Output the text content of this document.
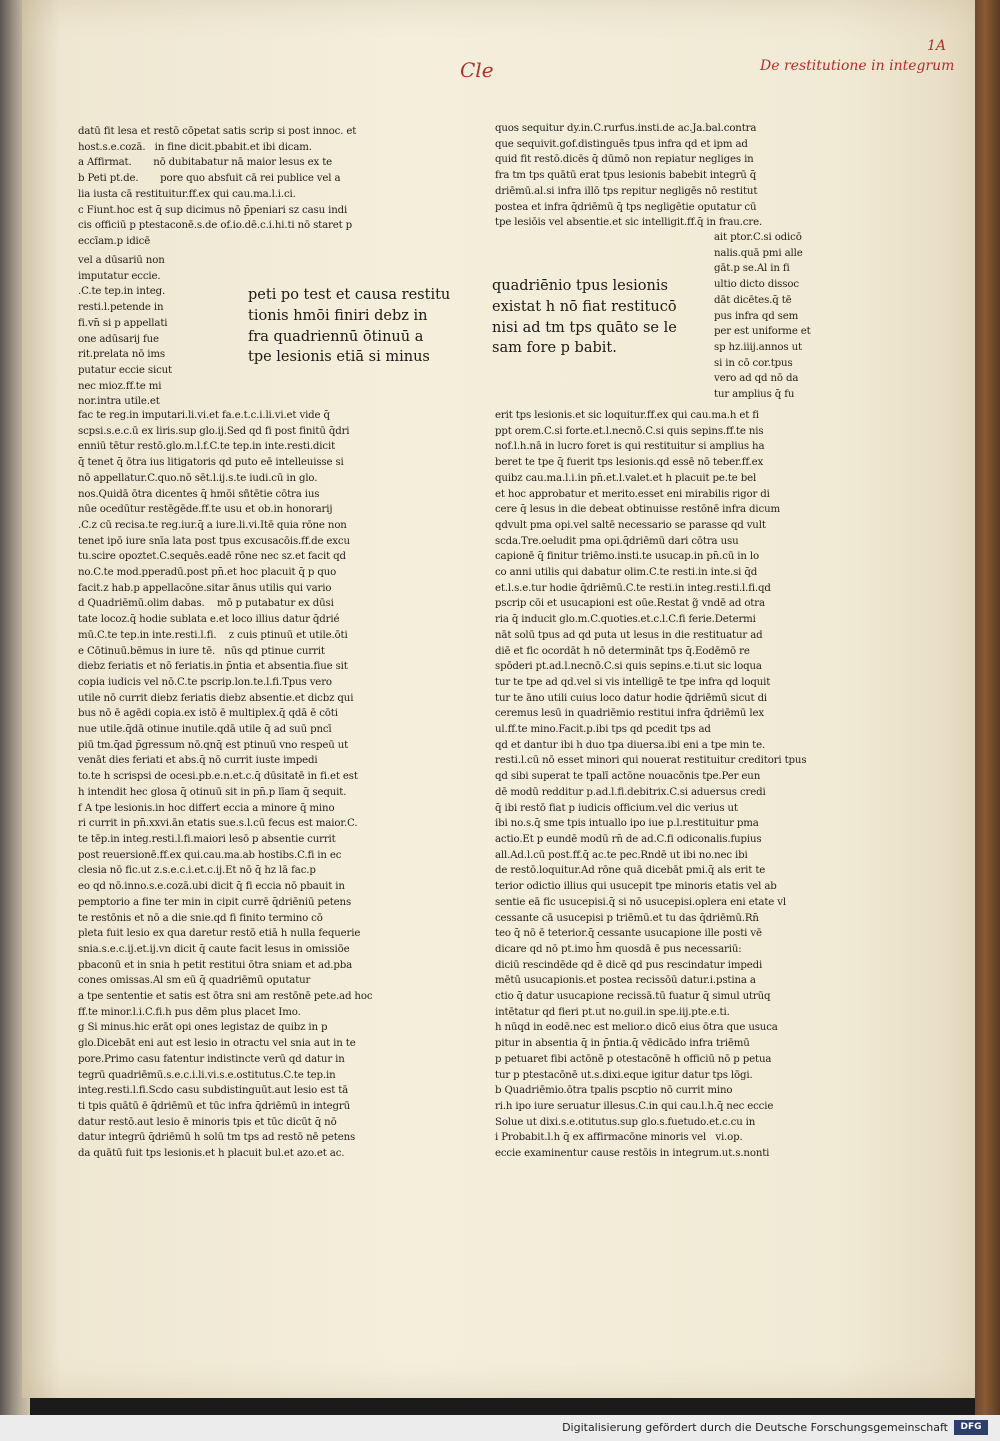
Cle
1A
De restitutione in integrum
datū fit lesa et restō cōpetat satis scrip si post innoc. et
host.s.e.cozā.   in fine dicit.pbabit.et ibi dicam.
a Affirmat.       nō dubitabatur nā maior lesus ex te
b Peti pt.de.       pore quo absfuit cā rei publice vel a
lia iusta cā restituitur.ff.ex qui cau.ma.l.i.ci.
c Fiunt.hoc est q̄ sup dicimus nō p̄peniari sz casu indi
cis officiū p ptestaconē.s.de of.io.dē.c.i.hi.ti nō staret p
eccīam.p idicē
vel a dūsariū non
imputatur eccie.
.C.te tep.in integ.
resti.l.petende in
fi.vn̄ si p appellati
one adūsarij fue
rit.prelata nō ims
putatur eccie sicut
nec mioz.ff.te mi
nor.intra utile.et
peti po test et causa restitu
tionis hmōi finiri debz in
fra quadriennū ōtinuū a
tpe lesionis etiā si minus
fac te reg.in imputari.li.vi.et fa.e.t.c.i.li.vi.et vide q̄
scpsi.s.e.c.ū ex liris.sup glo.ij.Sed qd fi post finitū q̄dri
enniū tētur restō.glo.m.l.f.C.te tep.in inte.resti.dicit
q̄ tenet q̄ ōtra ius litigatoris qd puto eē intelleuisse si
nō appellatur.C.quo.nō sēt.l.ij.s.te iudi.cū in glo.
nos.Quidā ōtra dicentes q̄ hmōi sñtētie cōtra ius
nūe ocedūtur restēgēde.ff.te usu et ob.in honorarij
.C.z cū recisa.te reg.iur.q̄ a iure.li.vi.Itē quia rōne non
tenet ipō iure snīa lata post tpus excusacōis.ff.de excu
tu.scire opoztet.C.sequēs.eadē rōne nec sz.et facit qd
no.C.te mod.pperadū.post pn̄.et hoc placuit q̄ p quo
facit.z hab.p appellacōne.sitar ānus utilis qui vario
d Quadriēmū.olim dabas.    mō p putabatur ex dūsi
tate locoz.q̄ hodie sublata e.et loco illius datur q̄drié
mū.C.te tep.in inte.resti.l.fi.    z cuis ptinuū et utile.ōti
e Cōtinuū.bēmus in iure tē.   nūs qd ptinue currit
diebz feriatis et nō feriatis.in p̄ntia et absentia.fiue sit
copia iudicis vel nō.C.te pscrip.lon.te.l.fi.Tpus vero
utile nō currit diebz feriatis diebz absentie.et dicbz qui
bus nō ē agēdi copia.ex istō ē multiplex.q̄ qdā ē cōti
nue utile.q̄dā otinue inutile.qdā utile q̄ ad suū pncī
piū tm.q̄ad p̄gressum nō.qnq̄ est ptinuū vno respeū ut
venāt dies feriati et abs.q̄ nō currit iuste impedi
to.te h scrispsi de ocesi.pb.e.n.et.c.q̄ dūsitatē in fi.et est
h intendit hec glosa q̄ otinuū sit in pn̄.p līam q̄ sequit.
f A tpe lesionis.in hoc differt eccia a minore q̄ mino
ri currit in pn̄.xxvi.ān etatis sue.s.l.cū fecus est maior.C.
te tēp.in integ.resti.l.fi.maiori lesō p absentie currit
post reuersionē.ff.ex qui.cau.ma.ab hostibs.C.fi in ec
clesia nō fic.ut z.s.e.c.i.et.c.ij.Et nō q̄ hz lā fac.p
eo qd nō.inno.s.e.cozā.ubi dicit q̄ fi eccia nō pbauit in
pemptorio a fine ter min in cipit currē q̄driēniū petens
te restōnis et nō a die snie.qd fi finito termino cō
pleta fuit lesio ex qua daretur restō etiā h nulla fequerie
snia.s.e.c.ij.et.ij.vn dicit q̄ caute facit lesus in omissiōe
pbaconū et in snia h petit restitui ōtra sniam et ad.pba
cones omissas.Al sm eū q̄ quadriēmū oputatur
a tpe sententie et satis est ōtra sni am restōnē pete.ad hoc
ff.te minor.l.i.C.fi.h pus dēm plus placet Imo.
g Si minus.hic erāt opi ones legistaz de quibz in p
glo.Dicebāt eni aut est lesio in otractu vel snia aut in te
pore.Primo casu fatentur indistincte verū qd datur in
tegrū quadriēmū.s.e.c.i.li.vi.s.e.ostitutus.C.te tep.in
integ.resti.l.fi.Scdo casu subdistinguūt.aut lesio est tā
ti tpis quātū ē q̄driēmū et tūc infra q̄driēmū in integrū
datur restō.aut lesio ē minoris tpis et tūc dicūt q̄ nō
datur integrū q̄driēmū h solū tm tps ad restō nē petens
da quātū fuit tps lesionis.et h placuit bul.et azo.et ac.
quos sequitur dy.in.C.rurfus.insti.de ac.Ja.bal.contra
que sequivit.gof.distinguēs tpus infra qd et ipm ad
quid fit restō.dicēs q̄ dūmō non repiatur negliges in
fra tm tps quātū erat tpus lesionis babebit integrū q̄
driēmū.al.si infra illō tps repitur negligēs nō restitut
postea et infra q̄driēmū q̄ tps negligētie oputatur cū
tpe lesiōis vel absentie.et sic intelligit.ff.q̄ in frau.cre.
quadriēnio tpus lesionis
existat h nō fiat restitucō
nisi ad tm tps quāto se le
sam fore p babit.
ait ptor.C.si odicō
nalis.quā pmi alle
gāt.p se.Al in fi
ultio dicto dissoc
dāt dicētes.q̄ tē
pus infra qd sem
per est uniforme et
sp hz.iiij.annos ut
si in cō cor.tpus
vero ad qd nō da
tur amplius q̄ fu
erit tps lesionis.et sic loquitur.ff.ex qui cau.ma.h et fi
ppt orem.C.si forte.et.l.necnō.C.si quis sepins.ff.te nis
nof.l.h.nā in lucro foret is qui restituitur si amplius ha
beret te tpe q̄ fuerit tps lesionis.qd essē nō teber.ff.ex
quibz cau.ma.l.i.in pn̄.et.l.valet.et h placuit pe.te bel
et hoc approbatur et merito.esset eni mirabilis rigor di
cere q̄ lesus in die debeat obtinuisse restōnē infra dicum
qdvult pma opi.vel saltē necessario se parasse qd vult
scda.Tre.oeludit pma opi.q̄driēmū dari cōtra usu
capionē q̄ finitur triēmo.insti.te usucap.in pn̄.cū in lo
co anni utilis qui dabatur olim.C.te resti.in inte.si q̄d
et.l.s.e.tur hodie q̄driēmū.C.te resti.in integ.resti.l.fi.qd
pscrip cōi et usucapioni est oūe.Restat g̃ vndē ad otra
ria q̄ inducit glo.m.C.quoties.et.c.l.C.fi ferie.Determi
nāt solū tpus ad qd puta ut lesus in die restituatur ad
diē et fic ocordāt h nō determināt tps q̄.Eodēmō re
spōderi pt.ad.l.necnō.C.si quis sepins.e.ti.ut sic loqua
tur te tpe ad qd.vel si vis intelligē te tpe infra qd loquit
tur te āno utili cuius loco datur hodie q̄driēmū sicut di
ceremus lesū in quadriēmio restitui infra q̄driēmū lex
ul.ff.te mino.Facit.p.ibi tps qd pcedit tps ad
qd et dantur ibi h duo tpa diuersa.ibi eni a tpe min te.
resti.l.cū nō esset minori qui nouerat restituitur creditori tpus
qd sibi superat te tpalī actōne nouacōnis tpe.Per eun
dē modū redditur p.ad.l.fi.debitrix.C.si aduersus credi
q̄ ibi restō fiat p iudicis officium.vel dic verius ut
ibi no.s.q̄ sme tpis intuallo ipo iue p.l.restituitur pma
actio.Et p eundē modū rn̄ de ad.C.fi odiconalis.fupius
all.Ad.l.cū post.ff.q̄ ac.te pec.Rndē ut ibi no.nec ibi
de restō.loquitur.Ad rōne quā dicebāt pmi.q̄ als erit te
terior odictio illius qui usucepit tpe minoris etatis vel ab
sentie eā fic usucepisi.q̄ si nō usucepisi.oplera eni etate vl
cessante cā usucepisi p triēmū.et tu das q̄driēmū.Rn̄
teo q̄ nō ē teterior.q̄ cessante usucapione ille posti vē
dicare qd nō pt.imo h̄m quosdā ē pus necessariū:
diciū rescindēde qd ē dicē qd pus rescindatur impedi
mētū usucapionis.et postea recissōū datur.i.pstina a
ctio q̄ datur usucapione recissā.tū fuatur q̄ simul utrūq
intētatur qd fieri pt.ut no.guil.in spe.iij.pte.e.ti.
h nūqd in eodē.nec est melior.o dicō eius ōtra que usuca
pitur in absentia q̄ in p̄ntia.q̄ vēdicādo infra triēmū
p petuaret fibi actōnē p otestacōnē h officiū nō p petua
tur p ptestacōnē ut.s.dixi.eque igitur datur tps lōgi.
b Quadriēmio.ōtra tpalis pscptio nō currit mino
ri.h ipo iure seruatur illesus.C.in qui cau.l.h.q̄ nec eccie
Solue ut dixi.s.e.otitutus.sup glo.s.fuetudo.et.c.cu in
i Probabit.l.h q̄ ex affirmacōne minoris vel   vi.op.
eccie examinentur cause restōis in integrum.ut.s.nonti
Digitalisierung gefördert durch die Deutsche Forschungsgemeinschaft	DFG
